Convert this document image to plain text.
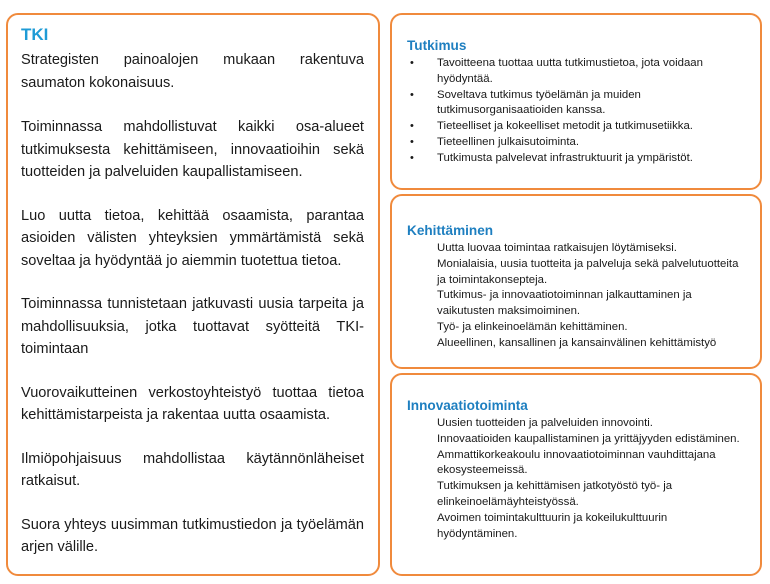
TKI

Strategisten painoalojen mukaan rakentuva saumaton kokonaisuus.

Toiminnassa mahdollistuvat kaikki osa-alueet tutkimuksesta kehittämiseen, innovaatioihin sekä tuotteiden ja palveluiden kaupallistamiseen.

Luo uutta tietoa, kehittää osaamista, parantaa asioiden välisten yhteyksien ymmärtämistä sekä soveltaa ja hyödyntää jo aiemmin tuotettua tietoa.

Toiminnassa tunnistetaan jatkuvasti uusia tarpeita ja mahdollisuuksia, jotka tuottavat syötteitä TKI-toimintaan

Vuorovaikutteinen verkostoyhteistyö tuottaa tietoa kehittämistarpeista ja rakentaa uutta osaamista.

Ilmiöpohjaisuus mahdollistaa käytännönläheiset ratkaisut.

Suora yhteys uusimman tutkimustiedon ja työelämän arjen välille.

Tutkimus
• Tavoitteena tuottaa uutta tutkimustietoa, jota voidaan hyödyntää.
• Soveltava tutkimus työelämän ja muiden tutkimusorganisaatioiden kanssa.
• Tieteelliset ja kokeelliset metodit ja tutkimusetiikka.
• Tieteellinen julkaisutoiminta.
• Tutkimusta palvelevat infrastruktuurit ja ympäristöt.
Kehittäminen
Uutta luovaa toimintaa ratkaisujen löytämiseksi.
Monialaisia, uusia tuotteita ja palveluja sekä palvelutuotteita ja toimintakonsepteja.
Tutkimus- ja innovaatiotoiminnan jalkauttaminen ja vaikutusten maksimoiminen.
Työ- ja elinkeinoelämän kehittäminen.
Alueellinen, kansallinen ja kansainvälinen kehittämistyö
Innovaatiotoiminta
Uusien tuotteiden ja palveluiden innovointi.
Innovaatioiden kaupallistaminen ja yrittäjyyden edistäminen.
Ammattikorkeakoulu innovaatiotoiminnan vauhdittajana ekosysteemeissä.
Tutkimuksen ja kehittämisen jatkotyöstö työ- ja elinkeinoelämäyhteistyössä.
Avoimen toimintakulttuurin ja kokeilukulttuurin hyödyntäminen.
